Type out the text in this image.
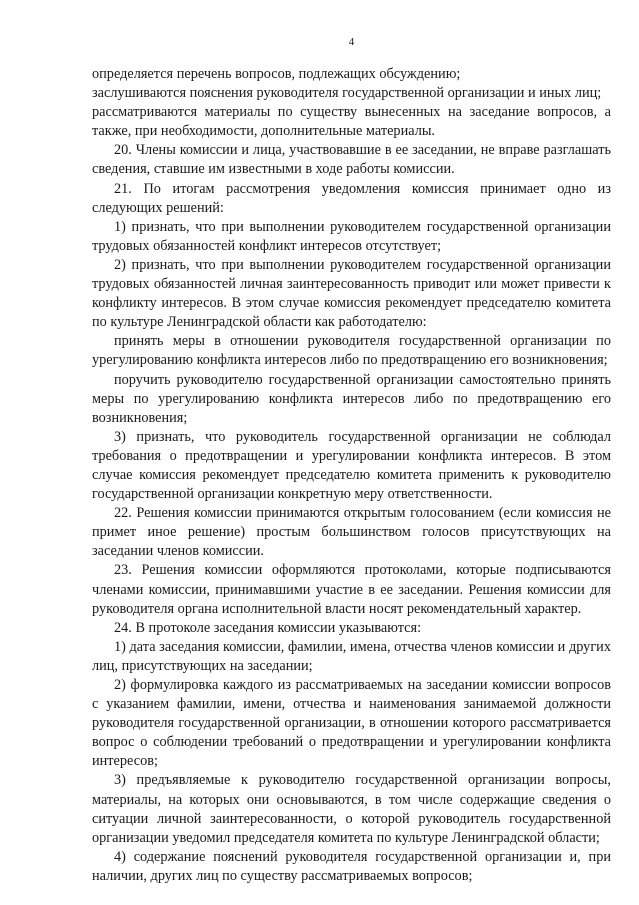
4

определяется перечень вопросов, подлежащих обсуждению;

заслушиваются пояснения руководителя государственной организации и иных лиц;

рассматриваются материалы по существу вынесенных на заседание вопросов, а также, при необходимости, дополнительные материалы.

20. Члены комиссии и лица, участвовавшие в ее заседании, не вправе разглашать сведения, ставшие им известными в ходе работы комиссии.

21. По итогам рассмотрения уведомления комиссия принимает одно из следующих решений:

1) признать, что при выполнении руководителем государственной организации трудовых обязанностей конфликт интересов отсутствует;

2) признать, что при выполнении руководителем государственной организации трудовых обязанностей личная заинтересованность приводит или может привести к конфликту интересов. В этом случае комиссия рекомендует председателю комитета по культуре Ленинградской области как работодателю:

принять меры в отношении руководителя государственной организации по урегулированию конфликта интересов либо по предотвращению его возникновения;

поручить руководителю государственной организации самостоятельно принять меры по урегулированию конфликта интересов либо по предотвращению его возникновения;

3) признать, что руководитель государственной организации не соблюдал требования о предотвращении и урегулировании конфликта интересов. В этом случае комиссия рекомендует председателю комитета применить к руководителю государственной организации конкретную меру ответственности.

22. Решения комиссии принимаются открытым голосованием (если комиссия не примет иное решение) простым большинством голосов присутствующих на заседании членов комиссии.

23. Решения комиссии оформляются протоколами, которые подписываются членами комиссии, принимавшими участие в ее заседании. Решения комиссии для руководителя органа исполнительной власти носят рекомендательный характер.

24. В протоколе заседания комиссии указываются:

1) дата заседания комиссии, фамилии, имена, отчества членов комиссии и других лиц, присутствующих на заседании;

2) формулировка каждого из рассматриваемых на заседании комиссии вопросов с указанием фамилии, имени, отчества и наименования занимаемой должности руководителя государственной организации, в отношении которого рассматривается вопрос о соблюдении требований о предотвращении и урегулировании конфликта интересов;

3) предъявляемые к руководителю государственной организации вопросы, материалы, на которых они основываются, в том числе содержащие сведения о ситуации личной заинтересованности, о которой руководитель государственной организации уведомил председателя комитета по культуре Ленинградской области;

4) содержание пояснений руководителя государственной организации и, при наличии, других лиц по существу рассматриваемых вопросов;
